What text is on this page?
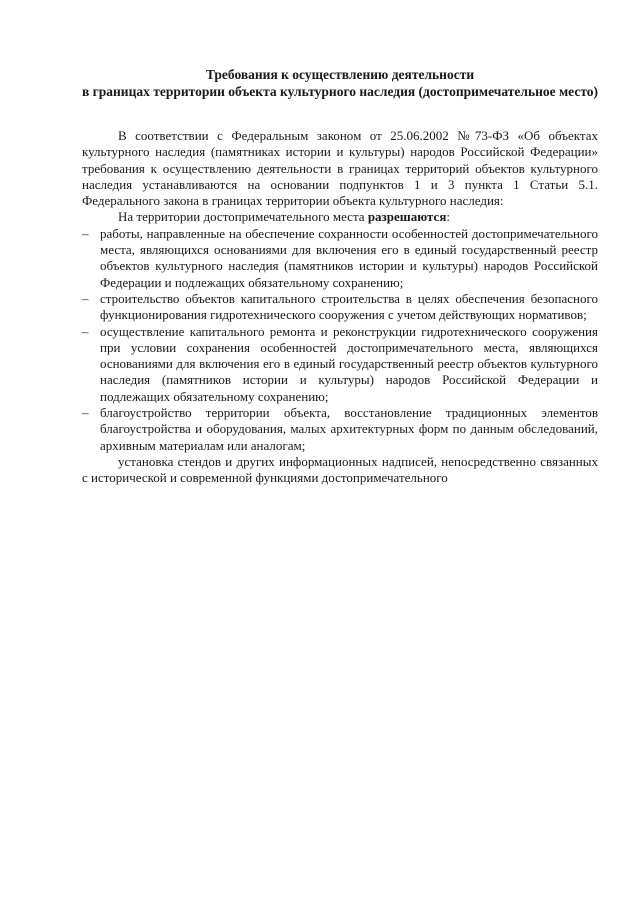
Требования к осуществлению деятельности
в границах территории объекта культурного наследия (достопримечательное место)

В соответствии с Федеральным законом от 25.06.2002 №73-ФЗ «Об объектах культурного наследия (памятниках истории и культуры) народов Российской Федерации» требования к осуществлению деятельности в границах территорий объектов культурного наследия устанавливаются на основании подпунктов 1 и 3 пункта 1 Статьи 5.1. Федерального закона в границах территории объекта культурного наследия:

На территории достопримечательного места разрешаются:

– работы, направленные на обеспечение сохранности особенностей достопримечательного места, являющихся основаниями для включения его в единый государственный реестр объектов культурного наследия (памятников истории и культуры) народов Российской Федерации и подлежащих обязательному сохранению;
– строительство объектов капитального строительства в целях обеспечения безопасного функционирования гидротехнического сооружения с учетом действующих нормативов;
– осуществление капитального ремонта и реконструкции гидротехнического сооружения при условии сохранения особенностей достопримечательного места, являющихся основаниями для включения его в единый государственный реестр объектов культурного наследия (памятников истории и культуры) народов Российской Федерации и подлежащих обязательному сохранению;
– благоустройство территории объекта, восстановление традиционных элементов благоустройства и оборудования, малых архитектурных форм по данным обследований, архивным материалам или аналогам;

установка стендов и других информационных надписей, непосредственно связанных с исторической и современной функциями достопримечательного
